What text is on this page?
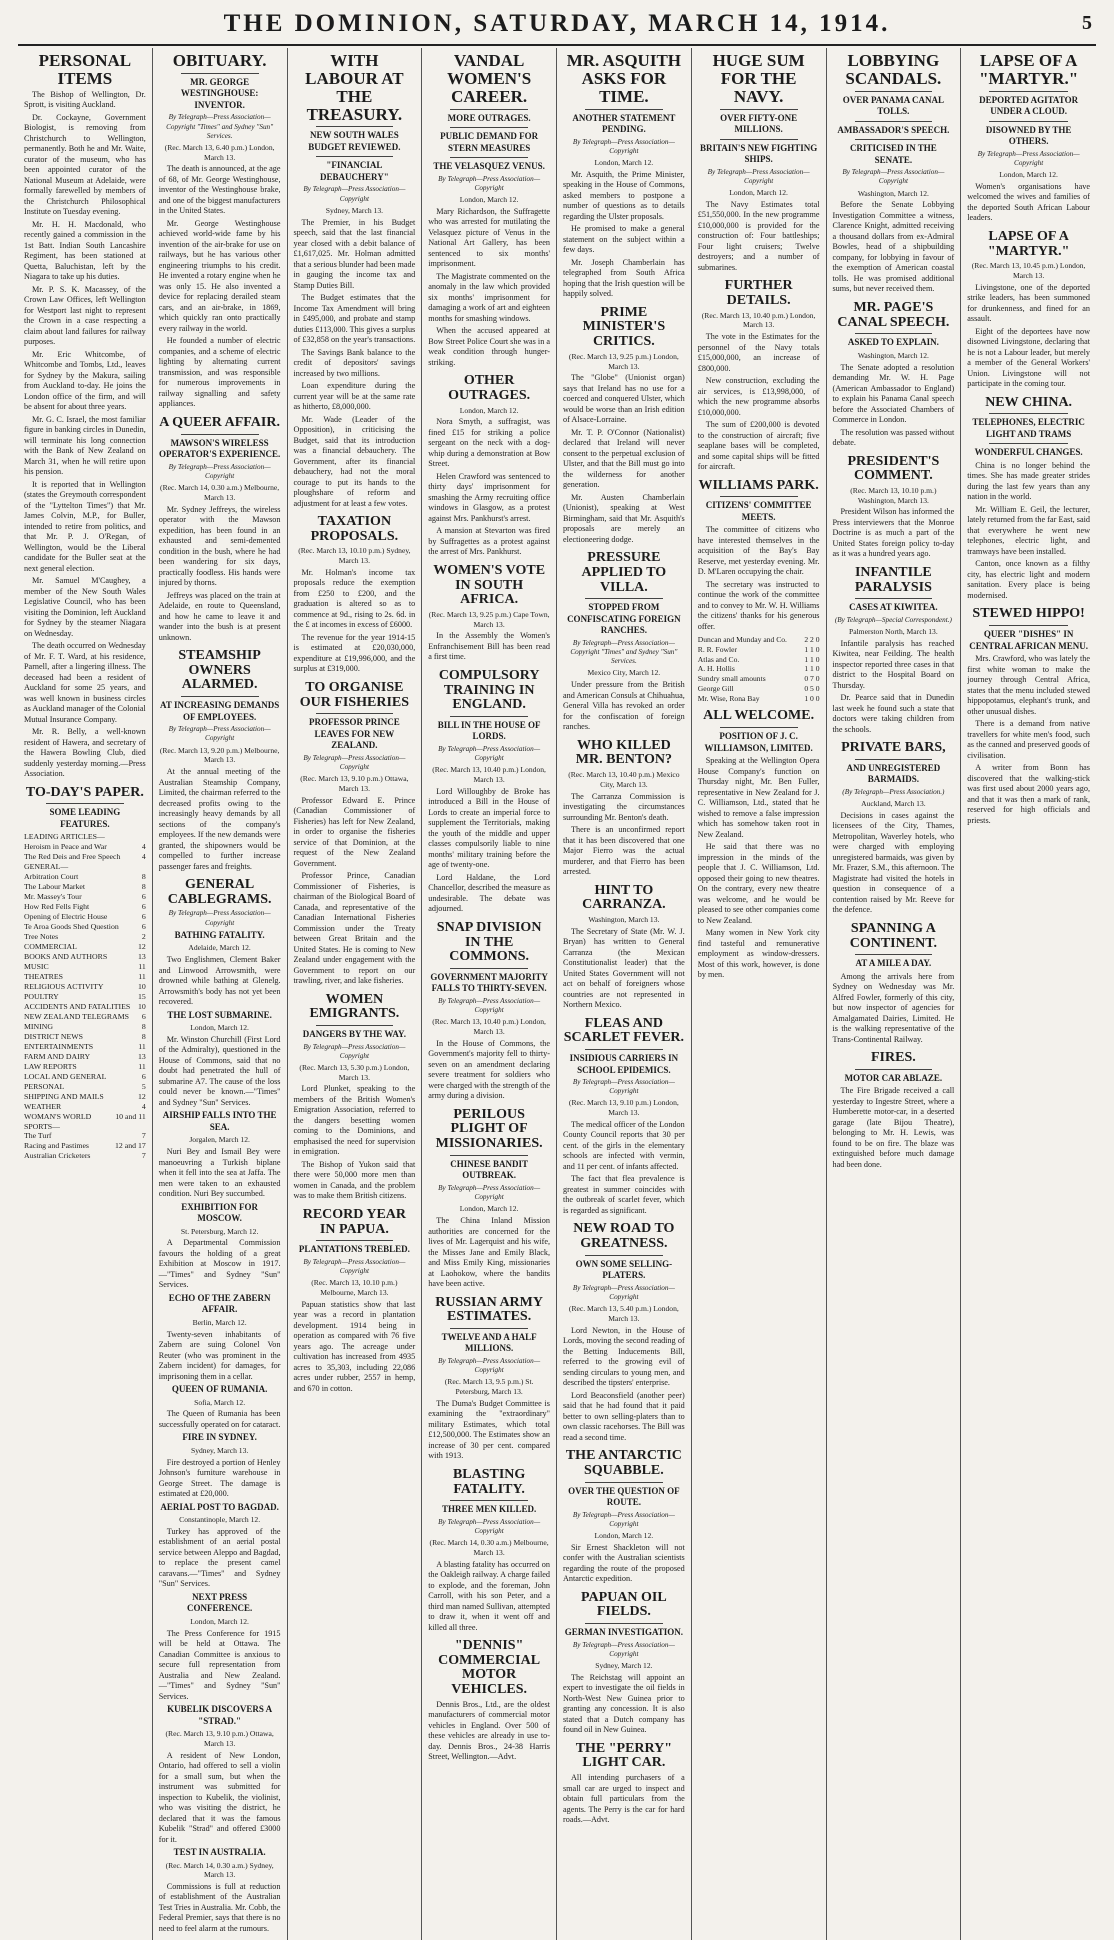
THE DOMINION, SATURDAY, MARCH 14, 1914.	5
PERSONAL ITEMS

The Bishop of Wellington, Dr. Sprott, is visiting Auckland.

Dr. Cockayne, Government Biologist, is removing from Christchurch to Wellington, permanently. Both he and Mr. Waite, curator of the museum, who has been appointed curator of the National Museum at Adelaide, were formally farewelled by members of the Christchurch Philosophical Institute on Tuesday evening.

Mr. H. H. Macdonald, who recently gained a commission in the 1st Batt. Indian South Lancashire Regiment, has been stationed at Quetta, Baluchistan, left by the Niagara to take up his duties.

Mr. P. S. K. Macassey, of the Crown Law Offices, left Wellington for Westport last night to represent the Crown in a case respecting a claim about land failures for railway purposes.

Mr. Eric Whitcombe, of Whitcombe and Tombs, Ltd., leaves for Sydney by the Makura, sailing from Auckland to-day. He joins the London office of the firm, and will be absent for about three years.

Mr. G. C. Israel, the most familiar figure in banking circles in Dunedin, will terminate his long connection with the Bank of New Zealand on March 31, when he will retire upon his pension.

It is reported that in Wellington (states the Greymouth correspondent of the "Lyttelton Times") that Mr. James Colvin, M.P., for Buller, intended to retire from politics, and that Mr. P. J. O'Regan, of Wellington, would be the Liberal candidate for the Buller seat at the next general election.

Mr. Samuel M'Caughey, a member of the New South Wales Legislative Council, who has been visiting the Dominion, left Auckland for Sydney by the steamer Niagara on Wednesday.

The death occurred on Wednesday of Mr. F. T. Ward, at his residence, Parnell, after a lingering illness. The deceased had been a resident of Auckland for some 25 years, and was well known in business circles as Auckland manager of the Colonial Mutual Insurance Company.

Mr. R. Belly, a well-known resident of Hawera, and secretary of the Hawera Bowling Club, died suddenly yesterday morning.—Press Association.

TO-DAY'S PAPER.
SOME LEADING FEATURES.
LEADING ARTICLES—
Heroism in Peace and War	4
The Red Deis and Free Speech	4
GENERAL—
Arbitration Court	8
The Labour Market	8
Mr. Massey's Tour	6
How Red Fells Fight	6
Opening of Electric House	6
Te Aroa Goods Shed Question	6
Tree Notes	2
COMMERCIAL	12
BOOKS AND AUTHORS	13
MUSIC	11
THEATRES	11
RELIGIOUS ACTIVITY	10
POULTRY	15
ACCIDENTS AND FATALITIES 10
NEW ZEALAND TELEGRAMS	6
MINING	8
DISTRICT NEWS	8
ENTERTAINMENTS	11
FARM AND DAIRY	13
LAW REPORTS	11
LOCAL AND GENERAL	6
PERSONAL	5
SHIPPING AND MAILS	12
WEATHER	4
WOMAN'S WORLD	10 and 11
SPORTS—
The Turf	7
Racing and Pastimes	12 and 17
Australian Cricketers	7
OBITUARY.
MR. GEORGE WESTINGHOUSE: INVENTOR.
By Telegraph—Press Association—Copyright "Times" and Sydney "Sun" Services.
(Rec. March 13, 6.40 p.m.) London, March 13.

The death is announced, at the age of 68, of Mr. George Westinghouse, inventor of the Westinghouse brake, and one of the biggest manufacturers in the United States.

Mr. George Westinghouse achieved world-wide fame by his invention of the air-brake for use on railways, but he has various other engineering triumphs to his credit. He invented a rotary engine when he was only 15. He also invented a device for replacing derailed steam cars, and an air-brake, in 1869, which quickly ran onto practically every railway in the world.

He founded a number of electric companies, and a scheme of electric lighting by alternating current transmission, and was responsible for numerous improvements in railway signalling and safety appliances.

A QUEER AFFAIR.
MAWSON'S WIRELESS OPERATOR'S EXPERIENCE.
By Telegraph—Press Association—Copyright
(Rec. March 14, 0.30 a.m.) Melbourne, March 13.

Mr. Sydney Jeffreys, the wireless operator with the Mawson expedition, has been found in an exhausted and semi-demented condition in the bush, where he had been wandering for six days, practically foodless. His hands were injured by thorns.

Jeffreys was placed on the train at Adelaide, en route to Queensland, and how he came to leave it and wander into the bush is at present unknown.

STEAMSHIP OWNERS ALARMED.
AT INCREASING DEMANDS OF EMPLOYEES.
By Telegraph—Press Association—Copyright
(Rec. March 13, 9.20 p.m.) Melbourne, March 13.

At the annual meeting of the Australian Steamship Company, Limited, the chairman referred to the decreased profits owing to the increasingly heavy demands by all sections of the company's employees. If the new demands were granted, the shipowners would be compelled to further increase passenger fares and freights.

GENERAL CABLEGRAMS.
By Telegraph—Press Association—Copyright
BATHING FATALITY.
Adelaide, March 12.

Two Englishmen, Clement Baker and Linwood Arrowsmith, were drowned while bathing at Glenelg. Arrowsmith's body has not yet been recovered.

THE LOST SUBMARINE.
London, March 12.

Mr. Winston Churchill (First Lord of the Admiralty), questioned in the House of Commons, said that no doubt had penetrated the hull of submarine A7. The cause of the loss could never be known.—"Times" and Sydney "Sun" Services.

AIRSHIP FALLS INTO THE SEA.
Jorgalen, March 12.

Nuri Bey and Ismail Bey were manoeuvring a Turkish biplane when it fell into the sea at Jaffa. The men were taken to an exhausted condition. Nuri Bey succumbed.

EXHIBITION FOR MOSCOW.
St. Petersburg, March 12.

A Departmental Commission favours the holding of a great Exhibition at Moscow in 1917.—"Times" and Sydney "Sun" Services.

ECHO OF THE ZABERN AFFAIR.
Berlin, March 12.

Twenty-seven inhabitants of Zabern are suing Colonel Von Reuter (who was prominent in the Zabern incident) for damages, for imprisoning them in a cellar.

QUEEN OF RUMANIA.
Sofia, March 12.

The Queen of Rumania has been successfully operated on for cataract.

FIRE IN SYDNEY.
Sydney, March 13.

Fire destroyed a portion of Henley Johnson's furniture warehouse in George Street. The damage is estimated at £20,000.

AERIAL POST TO BAGDAD.
Constantinople, March 12.

Turkey has approved of the establishment of an aerial postal service between Aleppo and Bagdad, to replace the present camel caravans.—"Times" and Sydney "Sun" Services.

NEXT PRESS CONFERENCE.
London, March 12.

The Press Conference for 1915 will be held at Ottawa. The Canadian Committee is anxious to secure full representation from Australia and New Zealand.—"Times" and Sydney "Sun" Services.

KUBELIK DISCOVERS A "STRAD."
(Rec. March 13, 9.10 p.m.) Ottawa, March 13.

A resident of New London, Ontario, had offered to sell a violin for a small sum, but when the instrument was submitted for inspection to Kubelik, the violinist, who was visiting the district, he declared that it was the famous Kubelik "Strad" and offered £3000 for it.

TEST IN AUSTRALIA.
(Rec. March 14, 0.30 a.m.) Sydney, March 13.

Commissions is full at reduction of establishment of the Australian Test Tries in Australia. Mr. Cobb, the Federal Premier, says that there is no need to feel alarm at the rumours.

WITH LABOUR AT THE TREASURY.
NEW SOUTH WALES BUDGET REVIEWED.
"FINANCIAL DEBAUCHERY"
By Telegraph—Press Association—Copyright
Sydney, March 13.

The Premier, in his Budget speech, said that the last financial year closed with a debit balance of £1,617,025. Mr. Holman admitted that a serious blunder had been made in gauging the income tax and Stamp Duties Bill.

The Budget estimates that the Income Tax Amendment will bring in £495,000, and probate and stamp duties £113,000. This gives a surplus of £32,858 on the year's transactions.

The Savings Bank balance to the credit of depositors' savings increased by two millions.

Loan expenditure during the current year will be at the same rate as hitherto, £8,000,000.

Mr. Wade (Leader of the Opposition), in criticising the Budget, said that its introduction was a financial debauchery. The Government, after its financial debauchery, had not the moral courage to put its hands to the ploughshare of reform and adjustment for at least a few votes.

TAXATION PROPOSALS.
(Rec. March 13, 10.10 p.m.) Sydney, March 13.

Mr. Holman's income tax proposals reduce the exemption from £250 to £200, and the graduation is altered so as to commence at 9d., rising to 2s. 6d. in the £ at incomes in excess of £6000.

The revenue for the year 1914-15 is estimated at £20,030,000, expenditure at £19,996,000, and the surplus at £319,000.

TO ORGANISE OUR FISHERIES
PROFESSOR PRINCE LEAVES FOR NEW ZEALAND.
By Telegraph—Press Association—Copyright
(Rec. March 13, 9.10 p.m.) Ottawa, March 13.

Professor Edward E. Prince (Canadian Commissioner of Fisheries) has left for New Zealand, in order to organise the fisheries service of that Dominion, at the request of the New Zealand Government.

Professor Prince, Canadian Commissioner of Fisheries, is chairman of the Biological Board of Canada, and representative of the Canadian International Fisheries Commission under the Treaty between Great Britain and the United States. He is coming to New Zealand under engagement with the Government to report on our trawling, river, and lake fisheries.

WOMEN EMIGRANTS.
DANGERS BY THE WAY.
By Telegraph—Press Association—Copyright
(Rec. March 13, 5.30 p.m.) London, March 13.

Lord Plunket, speaking to the members of the British Women's Emigration Association, referred to the dangers besetting women coming to the Dominions, and emphasised the need for supervision in emigration.

The Bishop of Yukon said that there were 50,000 more men than women in Canada, and the problem was to make them British citizens.

RECORD YEAR IN PAPUA.
PLANTATIONS TREBLED.
By Telegraph—Press Association—Copyright
(Rec. March 13, 10.10 p.m.) Melbourne, March 13.

Papuan statistics show that last year was a record in plantation development. 1914 being in operation as compared with 76 five years ago. The acreage under cultivation has increased from 4935 acres to 35,303, including 22,086 acres under rubber, 2557 in hemp, and 670 in cotton.

VANDAL WOMEN'S CAREER.
MORE OUTRAGES.
PUBLIC DEMAND FOR STERN MEASURES
THE VELASQUEZ VENUS.
By Telegraph—Press Association—Copyright
London, March 12.

Mary Richardson, the Suffragette who was arrested for mutilating the Velasquez picture of Venus in the National Art Gallery, has been sentenced to six months' imprisonment.

The Magistrate commented on the anomaly in the law which provided six months' imprisonment for damaging a work of art and eighteen months for smashing windows.

When the accused appeared at Bow Street Police Court she was in a weak condition through hunger-striking.

OTHER OUTRAGES.
London, March 12.

Nora Smyth, a suffragist, was fined £15 for striking a police sergeant on the neck with a dog-whip during a demonstration at Bow Street.

Helen Crawford was sentenced to thirty days' imprisonment for smashing the Army recruiting office windows in Glasgow, as a protest against Mrs. Pankhurst's arrest.

A mansion at Stevarton was fired by Suffragettes as a protest against the arrest of Mrs. Pankhurst.

WOMEN'S VOTE IN SOUTH AFRICA.
(Rec. March 13, 9.25 p.m.) Cape Town, March 13.

In the Assembly the Women's Enfranchisement Bill has been read a first time.

COMPULSORY TRAINING IN ENGLAND.
BILL IN THE HOUSE OF LORDS.
By Telegraph—Press Association—Copyright
(Rec. March 13, 10.40 p.m.) London, March 13.

Lord Willoughby de Broke has introduced a Bill in the House of Lords to create an imperial force to supplement the Territorials, making the youth of the middle and upper classes compulsorily liable to nine months' military training before the age of twenty-one.

Lord Haldane, the Lord Chancellor, described the measure as undesirable. The debate was adjourned.

SNAP DIVISION IN THE COMMONS.
GOVERNMENT MAJORITY FALLS TO THIRTY-SEVEN.
By Telegraph—Press Association—Copyright
(Rec. March 13, 10.40 p.m.) London, March 13.

In the House of Commons, the Government's majority fell to thirty-seven on an amendment declaring severe treatment for soldiers who were charged with the strength of the army during a division.

PERILOUS PLIGHT OF MISSIONARIES.
CHINESE BANDIT OUTBREAK.
By Telegraph—Press Association—Copyright
London, March 12.

The China Inland Mission authorities are concerned for the lives of Mr. Lagerquist and his wife, the Misses Jane and Emily Black, and Miss Emily King, missionaries at Laohokow, where the bandits have been active.

RUSSIAN ARMY ESTIMATES.
TWELVE AND A HALF MILLIONS.
By Telegraph—Press Association—Copyright
(Rec. March 13, 9.5 p.m.) St. Petersburg, March 13.

The Duma's Budget Committee is examining the "extraordinary" military Estimates, which total £12,500,000. The Estimates show an increase of 30 per cent. compared with 1913.

BLASTING FATALITY.
THREE MEN KILLED.
By Telegraph—Press Association—Copyright
(Rec. March 14, 0.30 a.m.) Melbourne, March 13.

A blasting fatality has occurred on the Oakleigh railway. A charge failed to explode, and the foreman, John Carroll, with his son Peter, and a third man named Sullivan, attempted to draw it, when it went off and killed all three.

"DENNIS" COMMERCIAL MOTOR VEHICLES.

Dennis Bros., Ltd., are the oldest manufacturers of commercial motor vehicles in England. Over 500 of these vehicles are already in use to-day. Dennis Bros., 24-38 Harris Street, Wellington.—Advt.

MR. ASQUITH ASKS FOR TIME.
ANOTHER STATEMENT PENDING.
By Telegraph—Press Association—Copyright
London, March 12.

Mr. Asquith, the Prime Minister, speaking in the House of Commons, asked members to postpone a number of questions as to details regarding the Ulster proposals.

He promised to make a general statement on the subject within a few days.

Mr. Joseph Chamberlain has telegraphed from South Africa hoping that the Irish question will be happily solved.

PRIME MINISTER'S CRITICS.
(Rec. March 13, 9.25 p.m.) London, March 13.

The "Globe" (Unionist organ) says that Ireland has no use for a coerced and conquered Ulster, which would be worse than an Irish edition of Alsace-Lorraine.

Mr. T. P. O'Connor (Nationalist) declared that Ireland will never consent to the perpetual exclusion of Ulster, and that the Bill must go into the wilderness for another generation.

Mr. Austen Chamberlain (Unionist), speaking at West Birmingham, said that Mr. Asquith's proposals are merely an electioneering dodge.

PRESSURE APPLIED TO VILLA.
STOPPED FROM CONFISCATING FOREIGN RANCHES.
By Telegraph—Press Association—Copyright "Times" and Sydney "Sun" Services.
Mexico City, March 12.

Under pressure from the British and American Consuls at Chihuahua, General Villa has revoked an order for the confiscation of foreign ranches.

WHO KILLED MR. BENTON?
(Rec. March 13, 10.40 p.m.) Mexico City, March 13.

The Carranza Commission is investigating the circumstances surrounding Mr. Benton's death.

There is an unconfirmed report that it has been discovered that one Major Fierro was the actual murderer, and that Fierro has been arrested.

HINT TO CARRANZA.
Washington, March 13.

The Secretary of State (Mr. W. J. Bryan) has written to General Carranza (the Mexican Constitutionalist leader) that the United States Government will not act on behalf of foreigners whose countries are not represented in Northern Mexico.

FLEAS AND SCARLET FEVER.
INSIDIOUS CARRIERS IN SCHOOL EPIDEMICS.
By Telegraph—Press Association—Copyright
(Rec. March 13, 9.10 p.m.) London, March 13.

The medical officer of the London County Council reports that 30 per cent. of the girls in the elementary schools are infected with vermin, and 11 per cent. of infants affected.

The fact that flea prevalence is greatest in summer coincides with the outbreak of scarlet fever, which is regarded as significant.

NEW ROAD TO GREATNESS.
OWN SOME SELLING-PLATERS.
By Telegraph—Press Association—Copyright
(Rec. March 13, 5.40 p.m.) London, March 13.

Lord Newton, in the House of Lords, moving the second reading of the Betting Inducements Bill, referred to the growing evil of sending circulars to young men, and described the tipsters' enterprise.

Lord Beaconsfield (another peer) said that he had found that it paid better to own selling-platers than to own classic racehorses. The Bill was read a second time.

THE ANTARCTIC SQUABBLE.
OVER THE QUESTION OF ROUTE.
By Telegraph—Press Association—Copyright
London, March 12.

Sir Ernest Shackleton will not confer with the Australian scientists regarding the route of the proposed Antarctic expedition.

PAPUAN OIL FIELDS.
GERMAN INVESTIGATION.
By Telegraph—Press Association—Copyright
Sydney, March 12.

The Reichstag will appoint an expert to investigate the oil fields in North-West New Guinea prior to granting any concession. It is also stated that a Dutch company has found oil in New Guinea.

THE "PERRY" LIGHT CAR.

All intending purchasers of a small car are urged to inspect and obtain full particulars from the agents. The Perry is the car for hard roads.—Advt.

HUGE SUM FOR THE NAVY.
OVER FIFTY-ONE MILLIONS.
BRITAIN'S NEW FIGHTING SHIPS.
By Telegraph—Press Association—Copyright
London, March 12.

The Navy Estimates total £51,550,000. In the new programme £10,000,000 is provided for the construction of: Four battleships; Four light cruisers; Twelve destroyers; and a number of submarines.

FURTHER DETAILS.
(Rec. March 13, 10.40 p.m.) London, March 13.

The vote in the Estimates for the personnel of the Navy totals £15,000,000, an increase of £800,000.

New construction, excluding the air services, is £13,998,000, of which the new programme absorbs £10,000,000.

The sum of £200,000 is devoted to the construction of aircraft; five seaplane bases will be completed, and some capital ships will be fitted for aircraft.

WILLIAMS PARK.
CITIZENS' COMMITTEE MEETS.

The committee of citizens who have interested themselves in the acquisition of the Bay's Bay Reserve, met yesterday evening. Mr. D. M'Laren occupying the chair.

The secretary was instructed to continue the work of the committee and to convey to Mr. W. H. Williams the citizens' thanks for his generous offer.

Duncan and Munday and Co. 2 2 0
R. R. Fowler	1 1 0
Atlas and Co.	1 1 0
A. H. Hollis	1 1 0
Sundry small amounts	0 7 0
George Gill	0 5 0
Mr. Wise, Rona Bay	1 0 0
ALL WELCOME.
POSITION OF J. C. WILLIAMSON, LIMITED.

Speaking at the Wellington Opera House Company's function on Thursday night, Mr. Ben Fuller, representative in New Zealand for J. C. Williamson, Ltd., stated that he wished to remove a false impression which has somehow taken root in New Zealand.

He said that there was no impression in the minds of the people that J. C. Williamson, Ltd. opposed their going to new theatres. On the contrary, every new theatre was welcome, and he would be pleased to see other companies come to New Zealand.

Many women in New York city find tasteful and remunerative employment as window-dressers. Most of this work, however, is done by men.

LOBBYING SCANDALS.
OVER PANAMA CANAL TOLLS.
AMBASSADOR'S SPEECH.
CRITICISED IN THE SENATE.
By Telegraph—Press Association—Copyright
Washington, March 12.

Before the Senate Lobbying Investigation Committee a witness, Clarence Knight, admitted receiving a thousand dollars from ex-Admiral Bowles, head of a shipbuilding company, for lobbying in favour of the exemption of American coastal tolls. He was promised additional sums, but never received them.

MR. PAGE'S CANAL SPEECH.
ASKED TO EXPLAIN.
Washington, March 12.

The Senate adopted a resolution demanding Mr. W. H. Page (American Ambassador to England) to explain his Panama Canal speech before the Associated Chambers of Commerce in London.

The resolution was passed without debate.

PRESIDENT'S COMMENT.
(Rec. March 13, 10.10 p.m.) Washington, March 13.

President Wilson has informed the Press interviewers that the Monroe Doctrine is as much a part of the United States foreign policy to-day as it was a hundred years ago.

INFANTILE PARALYSIS
CASES AT KIWITEA.
(By Telegraph—Special Correspondent.)
Palmerston North, March 13.

Infantile paralysis has reached Kiwitea, near Feilding. The health inspector reported three cases in that district to the Hospital Board on Thursday.

Dr. Pearce said that in Dunedin last week he found such a state that doctors were taking children from the schools.

PRIVATE BARS,
AND UNREGISTERED BARMAIDS.
(By Telegraph—Press Association.)
Auckland, March 13.

Decisions in cases against the licensees of the City, Thames, Metropolitan, Waverley hotels, who were charged with employing unregistered barmaids, was given by Mr. Frazer, S.M., this afternoon. The Magistrate had visited the hotels in question in consequence of a contention raised by Mr. Reeve for the defence.

SPANNING A CONTINENT.
AT A MILE A DAY.

Among the arrivals here from Sydney on Wednesday was Mr. Alfred Fowler, formerly of this city, but now inspector of agencies for Amalgamated Dairies, Limited. He is the walking representative of the Trans-Continental Railway.

FIRES.
MOTOR CAR ABLAZE.

The Fire Brigade received a call yesterday to Ingestre Street, where a Humberette motor-car, in a deserted garage (late Bijou Theatre), belonging to Mr. H. Lewis, was found to be on fire. The blaze was extinguished before much damage had been done.

LAPSE OF A "MARTYR."
DEPORTED AGITATOR UNDER A CLOUD.
DISOWNED BY THE OTHERS.
By Telegraph—Press Association—Copyright
London, March 12.

Women's organisations have welcomed the wives and families of the deported South African Labour leaders.

LAPSE OF A "MARTYR."
(Rec. March 13, 10.45 p.m.) London, March 13.

Livingstone, one of the deported strike leaders, has been summoned for drunkenness, and fined for an assault.

Eight of the deportees have now disowned Livingstone, declaring that he is not a Labour leader, but merely a member of the General Workers' Union. Livingstone will not participate in the coming tour.

NEW CHINA.
TELEPHONES, ELECTRIC LIGHT AND TRAMS
WONDERFUL CHANGES.

China is no longer behind the times. She has made greater strides during the last few years than any nation in the world.

Mr. William E. Geil, the lecturer, lately returned from the far East, said that everywhere he went new telephones, electric light, and tramways have been installed.

Canton, once known as a filthy city, has electric light and modern sanitation. Every place is being modernised.

STEWED HIPPO!
QUEER "DISHES" IN CENTRAL AFRICAN MENU.

Mrs. Crawford, who was lately the first white woman to make the journey through Central Africa, states that the menu included stewed hippopotamus, elephant's trunk, and other unusual dishes.

There is a demand from native travellers for white men's food, such as the canned and preserved goods of civilisation.

A writer from Bonn has discovered that the walking-stick was first used about 2000 years ago, and that it was then a mark of rank, reserved for high officials and priests.
